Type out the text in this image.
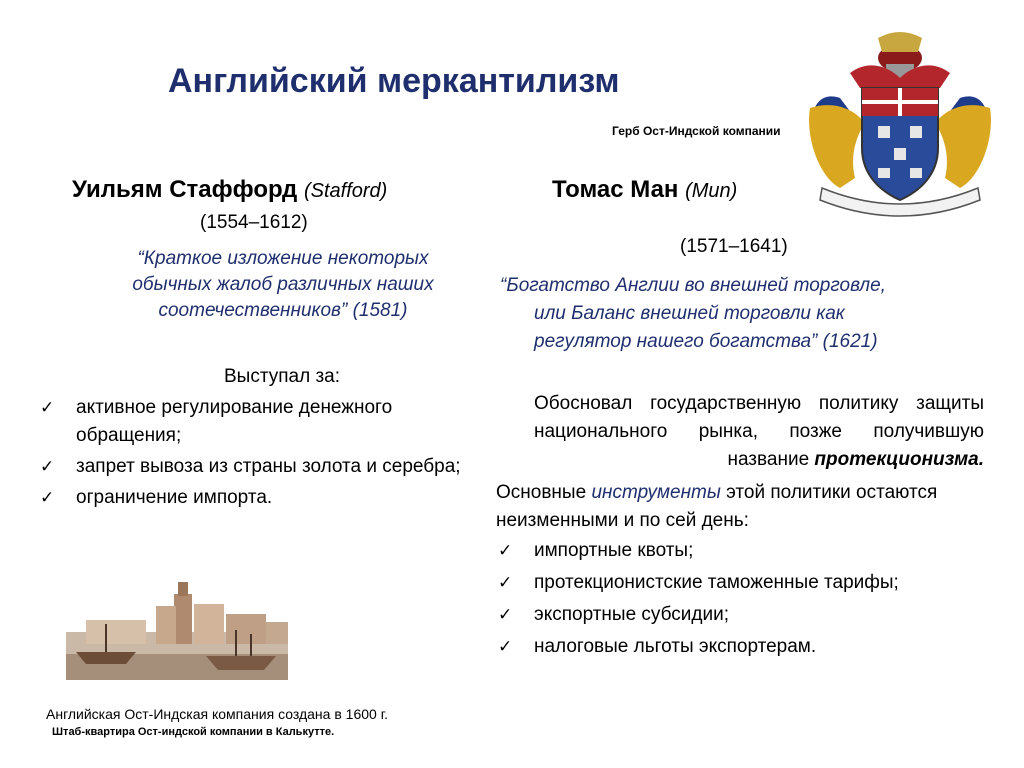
Английский меркантилизм
Герб Ост-Индской компании
Уильям Стаффорд (Stafford)
(1554–1612)
“Краткое изложение некоторых
обычных жалоб различных наших
соотечественников” (1581)
Выступал за:
✓ активное регулирование денежного обращения;
✓ запрет вывоза из страны золота и серебра;
✓ ограничение импорта.
Томас Ман (Mun)
(1571–1641)
“Богатство Англии во внешней торговле,
или Баланс внешней торговли как
регулятор нашего богатства” (1621)
Обосновал государственную политику защиты национального рынка, позже получившую название протекционизма.
Основные инструменты этой политики остаются неизменными и по сей день:
✓ импортные квоты;
✓ протекционистские таможенные тарифы;
✓ экспортные субсидии;
✓ налоговые льготы экспортерам.
Английская Ост-Индская компания создана в 1600 г.
Штаб-квартира Ост-индской компании в Калькутте.
